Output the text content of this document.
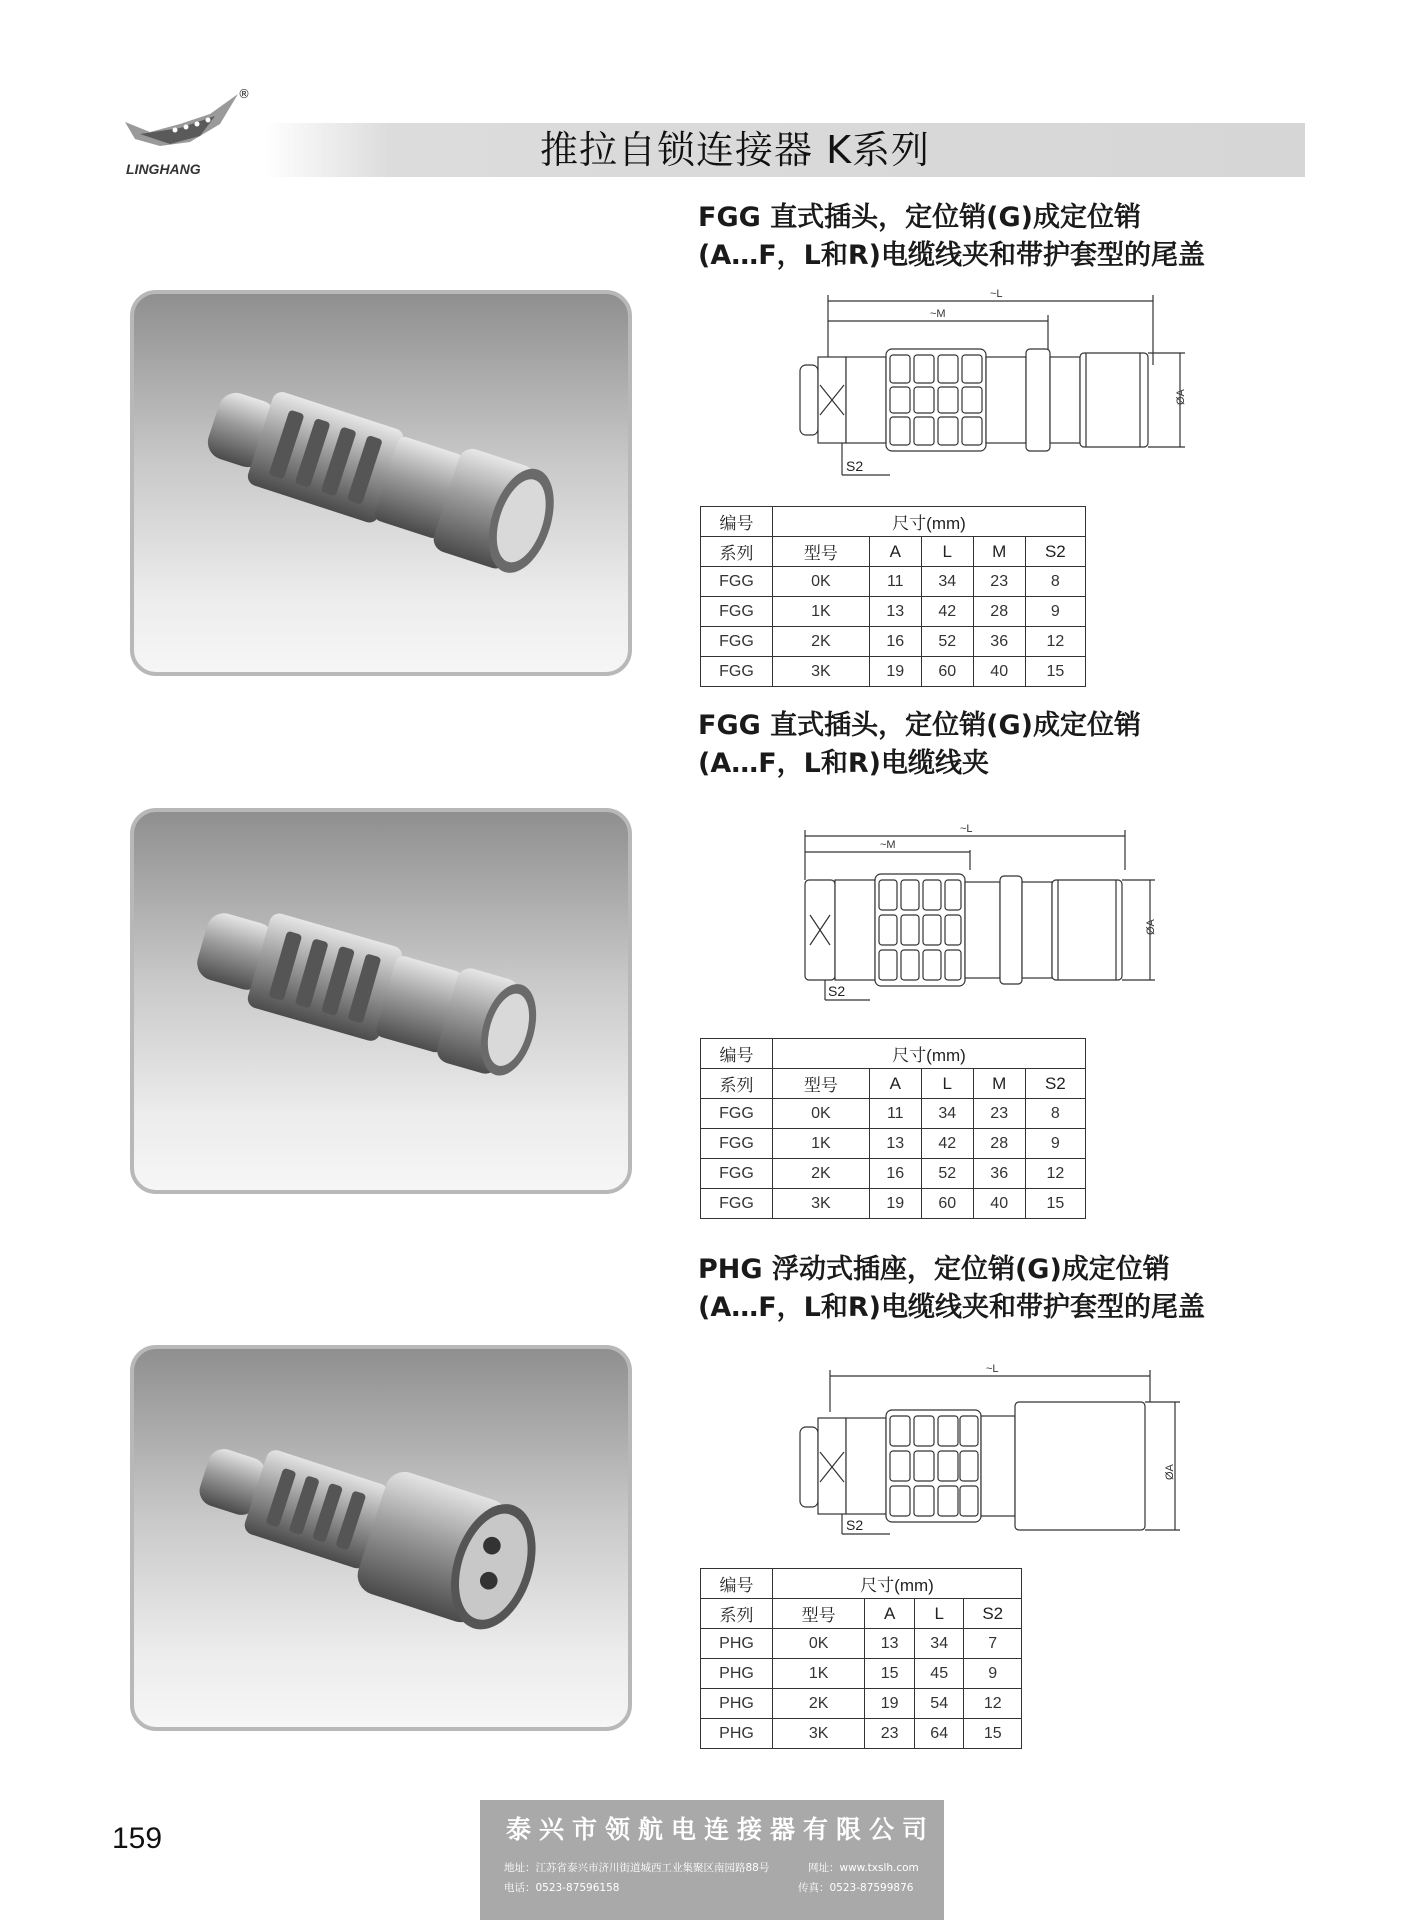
®
LINGHANG	推拉自锁连接器 K系列
FGG 直式插头，定位销(G)成定位销
(A…F，L和R)电缆线夹和带护套型的尾盖
~L
~M
ØA
S2
编号	尺寸(mm)				
系列	型号	A	L	M	S2
FGG	0K	11	34	23	8
FGG	1K	13	42	28	9
FGG	2K	16	52	36	12
FGG	3K	19	60	40	15
FGG 直式插头，定位销(G)成定位销
(A…F，L和R)电缆线夹
~L
~M
ØA
S2
编号	尺寸(mm)				
系列	型号	A	L	M	S2
FGG	0K	11	34	23	8
FGG	1K	13	42	28	9
FGG	2K	16	52	36	12
FGG	3K	19	60	40	15
PHG 浮动式插座，定位销(G)成定位销
(A…F，L和R)电缆线夹和带护套型的尾盖
~L
ØA
S2
编号	尺寸(mm)			
系列	型号	A	L	S2
PHG	0K	13	34	7
PHG	1K	15	45	9
PHG	2K	19	54	12
PHG	3K	23	64	15
159	泰兴市领航电连接器有限公司
地址：江苏省泰兴市济川街道城西工业集聚区南园路88号	网址：www.txslh.com
电话：0523-87596158	传真：0523-87599876
